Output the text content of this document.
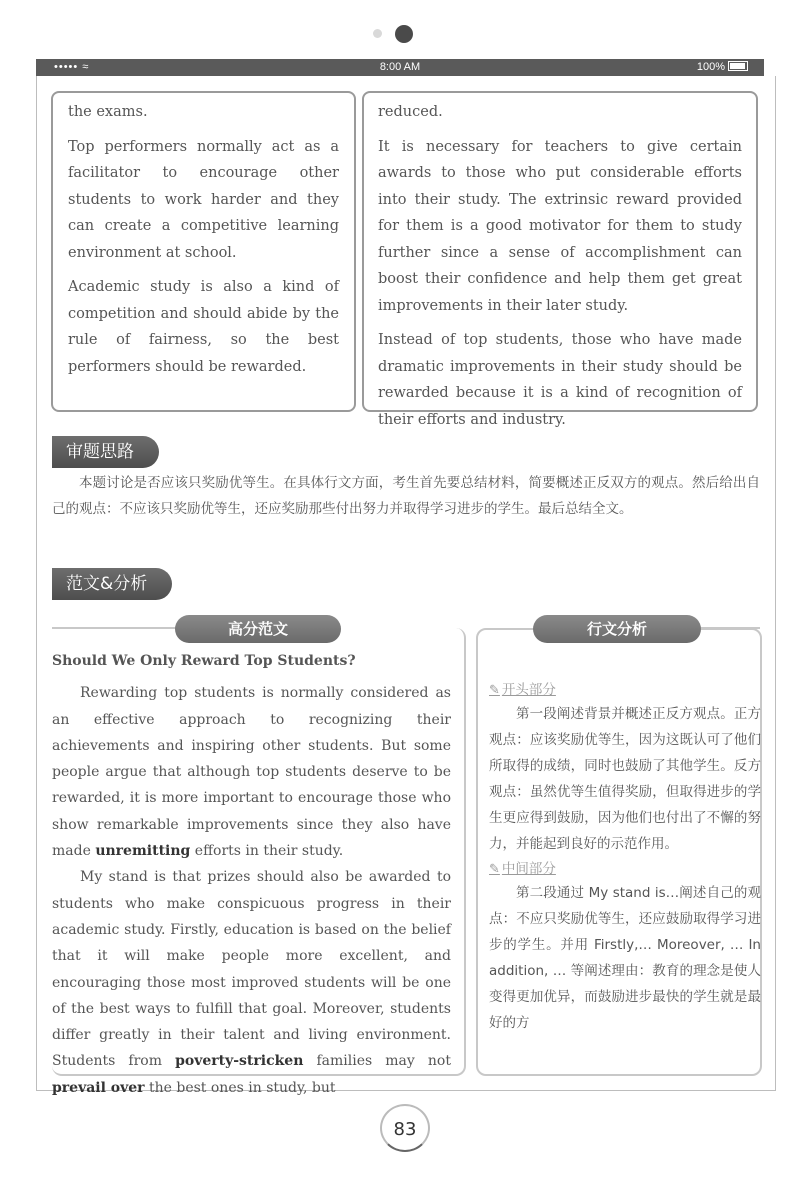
••••• ≈	8:00 AM	100%

the exams.

Top performers normally act as a facilitator to encourage other students to work harder and they can create a competitive learning environment at school.

Academic study is also a kind of competition and should abide by the rule of fairness, so the best performers should be rewarded.

reduced.

It is necessary for teachers to give certain awards to those who put considerable efforts into their study. The extrinsic reward provided for them is a good motivator for them to study further since a sense of accomplishment can boost their confidence and help them get great improvements in their later study.

Instead of top students, those who have made dramatic improvements in their study should be rewarded because it is a kind of recognition of their efforts and industry.

审题思路

本题讨论是否应该只奖励优等生。在具体行文方面，考生首先要总结材料，简要概述正反双方的观点。然后给出自己的观点：不应该只奖励优等生，还应奖励那些付出努力并取得学习进步的学生。最后总结全文。

范文&分析
高分范文

Should We Only Reward Top Students?

Rewarding top students is normally considered as an effective approach to recognizing their achievements and inspiring other students. But some people argue that although top students deserve to be rewarded, it is more important to encourage those who show remarkable improvements since they also have made unremitting efforts in their study.

My stand is that prizes should also be awarded to students who make conspicuous progress in their academic study. Firstly, education is based on the belief that it will make people more excellent, and encouraging those most improved students will be one of the best ways to fulfill that goal. Moreover, students differ greatly in their talent and living environment. Students from poverty-stricken families may not prevail over the best ones in study, but

行文分析
✎ 开头部分

第一段阐述背景并概述正反方观点。正方观点：应该奖励优等生，因为这既认可了他们所取得的成绩，同时也鼓励了其他学生。反方观点：虽然优等生值得奖励，但取得进步的学生更应得到鼓励，因为他们也付出了不懈的努力，并能起到良好的示范作用。

✎ 中间部分

第二段通过 My stand is…阐述自己的观点：不应只奖励优等生，还应鼓励取得学习进步的学生。并用 Firstly,… Moreover, … In addition, … 等阐述理由：教育的理念是使人变得更加优异，而鼓励进步最快的学生就是最好的方

83
